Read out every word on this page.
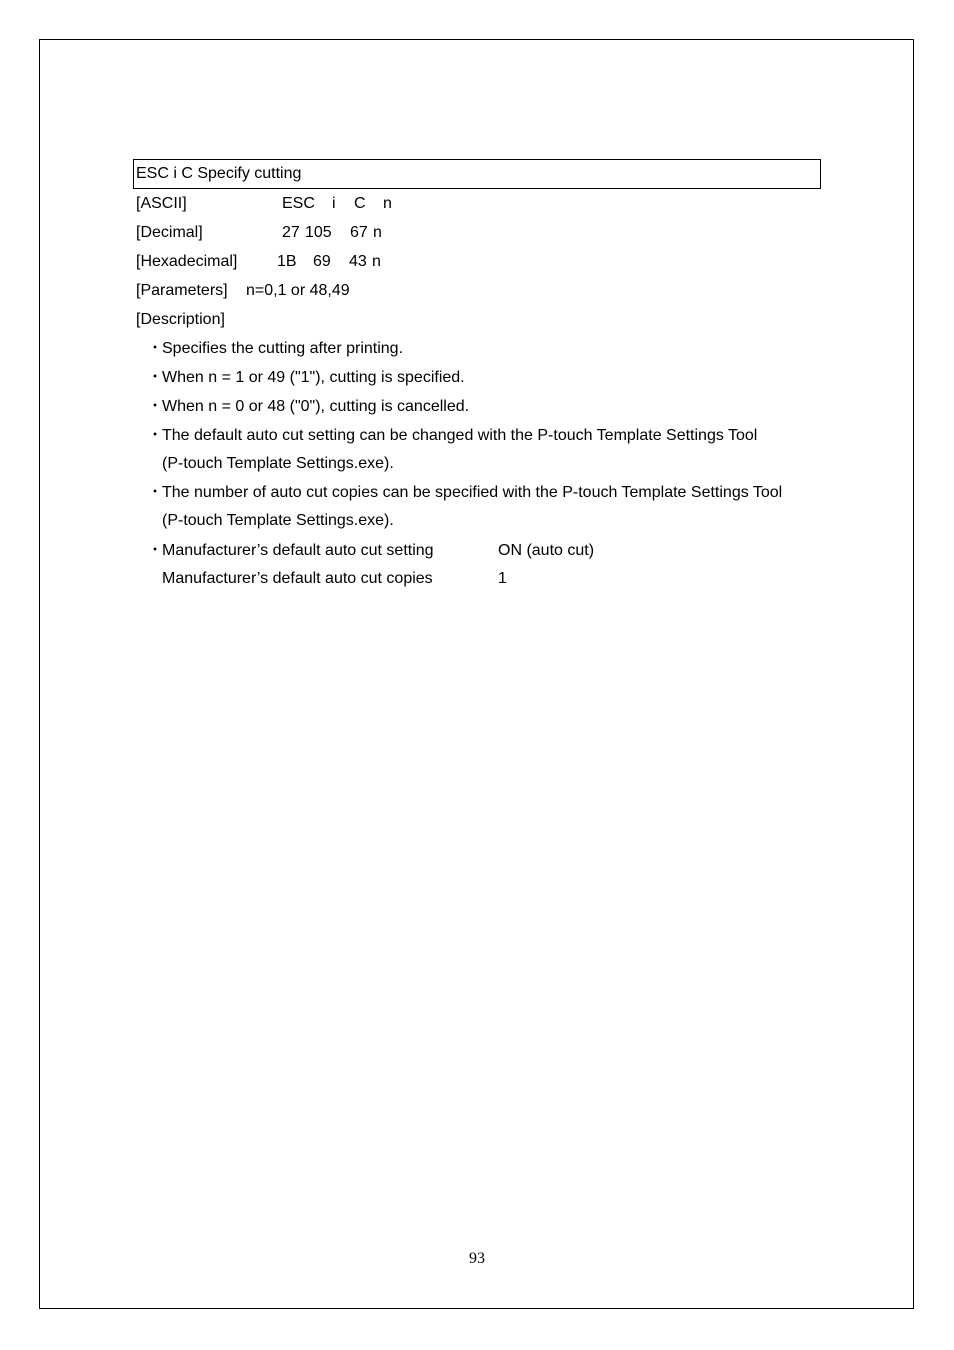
ESC i C Specify cutting
[ASCII]	ESC i C n
[Decimal]	27 105 67 n
[Hexadecimal] 1B 69 43 n
[Parameters] n=0,1 or 48,49
[Description]
・
Specifies the cutting after printing.
・
When n = 1 or 49 ("1"), cutting is specified.
・
When n = 0 or 48 ("0"), cutting is cancelled.
・
The default auto cut setting can be changed with the P-touch Template Settings Tool
(P-touch Template Settings.exe).
・
The number of auto cut copies can be specified with the P-touch Template Settings Tool
(P-touch Template Settings.exe).
・
Manufacturer’s default auto cut setting	ON (auto cut)
Manufacturer’s default auto cut copies	1
93
